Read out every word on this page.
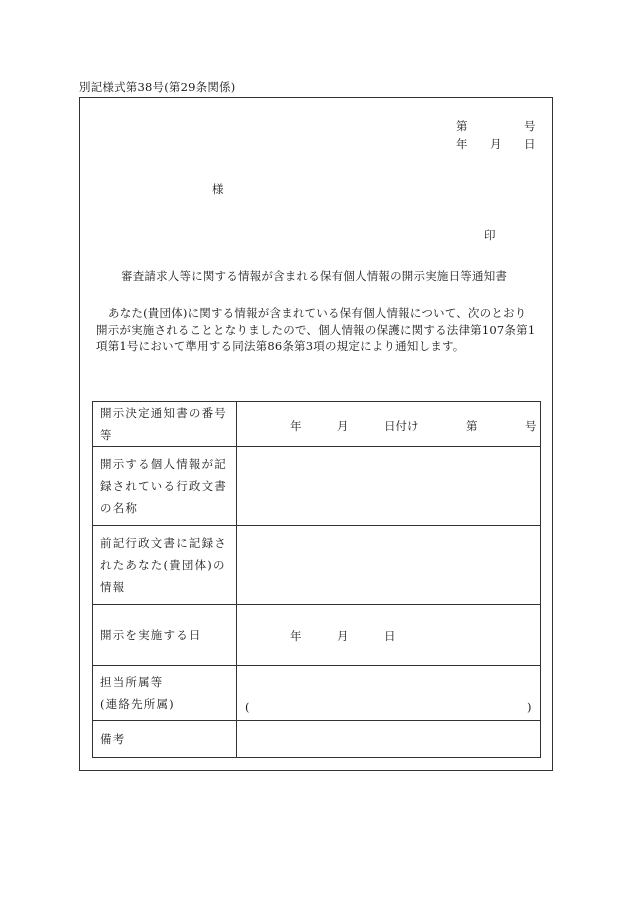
別記様式第38号(第29条関係)
第	号
年 月 日
様
印
審査請求人等に関する情報が含まれる保有個人情報の開示実施日等通知書
あなた(貴団体)に関する情報が含まれている保有個人情報について、次のとおり
開示が実施されることとなりましたので、個人情報の保護に関する法律第107条第1
項第1号において準用する同法第86条第3項の規定により通知します。
開示決定通知書の番号
等	年 月 日付け 第 号

開示する個人情報が記
録されている行政文書
の名称	

前記行政文書に記録さ
れたあなた(貴団体)の
情報	

開示を実施する日	年 月 日

担当所属等
(連絡先所属)	( )

備考	
